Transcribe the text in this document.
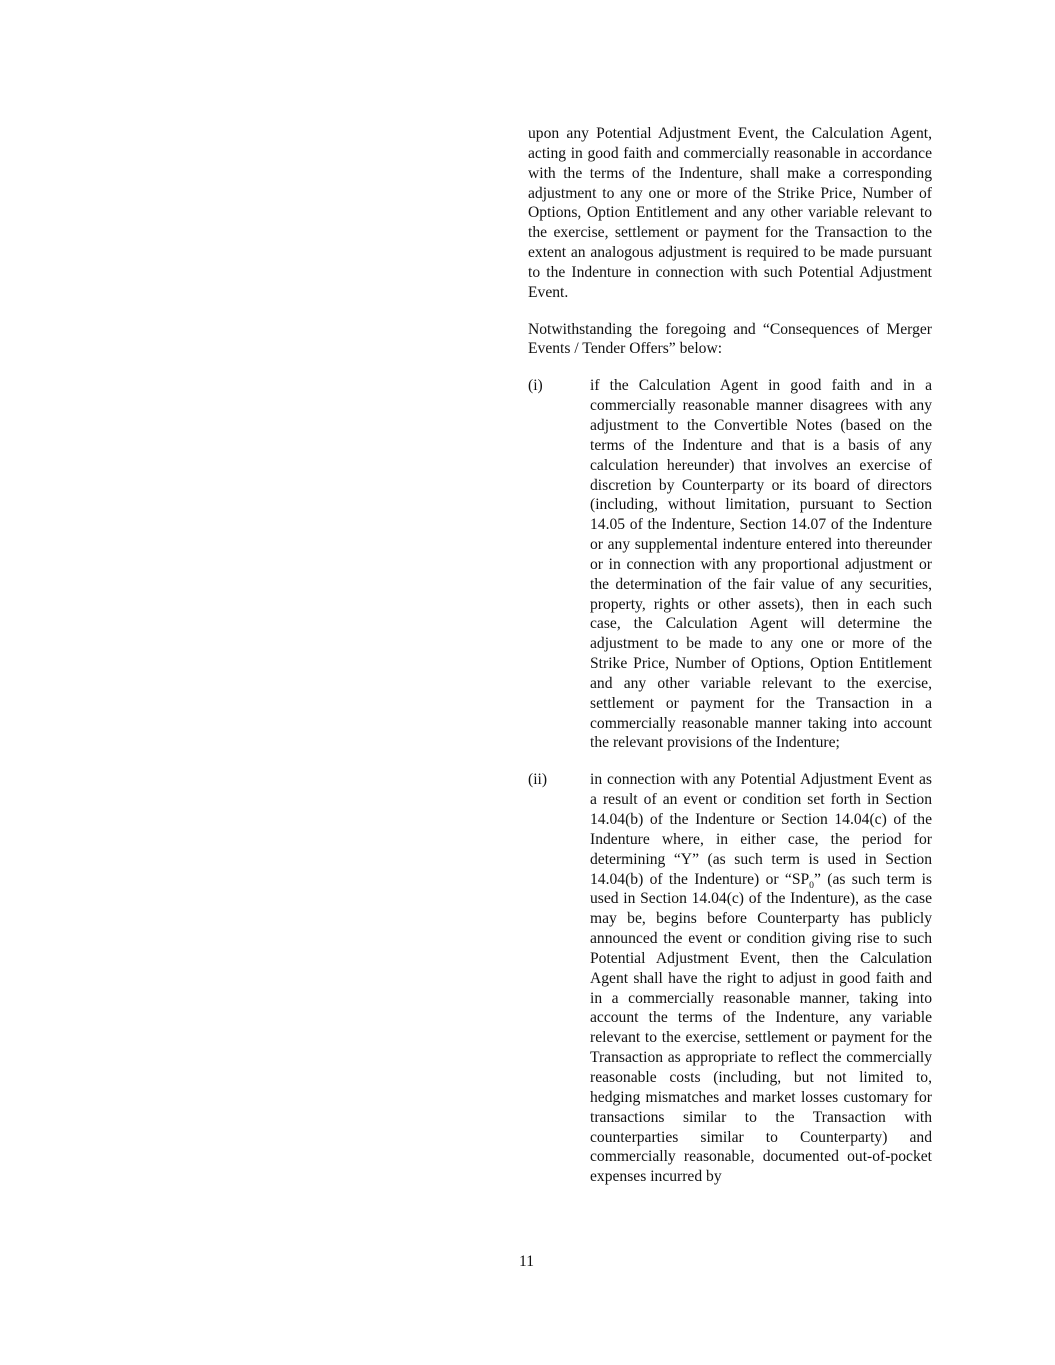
upon any Potential Adjustment Event, the Calculation Agent, acting in good faith and commercially reasonable in accordance with the terms of the Indenture, shall make a corresponding adjustment to any one or more of the Strike Price, Number of Options, Option Entitlement and any other variable relevant to the exercise, settlement or payment for the Transaction to the extent an analogous adjustment is required to be made pursuant to the Indenture in connection with such Potential Adjustment Event.

Notwithstanding the foregoing and “Consequences of Merger Events / Tender Offers” below:

(i)	if the Calculation Agent in good faith and in a commercially reasonable manner disagrees with any adjustment to the Convertible Notes (based on the terms of the Indenture and that is a basis of any calculation hereunder) that involves an exercise of discretion by Counterparty or its board of directors (including, without limitation, pursuant to Section 14.05 of the Indenture, Section 14.07 of the Indenture or any supplemental indenture entered into thereunder or in connection with any proportional adjustment or the determination of the fair value of any securities, property, rights or other assets), then in each such case, the Calculation Agent will determine the adjustment to be made to any one or more of the Strike Price, Number of Options, Option Entitlement and any other variable relevant to the exercise, settlement or payment for the Transaction in a commercially reasonable manner taking into account the relevant provisions of the Indenture;
(ii)	in connection with any Potential Adjustment Event as a result of an event or condition set forth in Section 14.04(b) of the Indenture or Section 14.04(c) of the Indenture where, in either case, the period for determining “Y” (as such term is used in Section 14.04(b) of the Indenture) or “$SP_0$” (as such term is used in Section 14.04(c) of the Indenture), as the case may be, begins before Counterparty has publicly announced the event or condition giving rise to such Potential Adjustment Event, then the Calculation Agent shall have the right to adjust in good faith and in a commercially reasonable manner, taking into account the terms of the Indenture, any variable relevant to the exercise, settlement or payment for the Transaction as appropriate to reflect the commercially reasonable costs (including, but not limited to, hedging mismatches and market losses customary for transactions similar to the Transaction with counterparties similar to Counterparty) and commercially reasonable, documented out-of-pocket expenses incurred by
11
